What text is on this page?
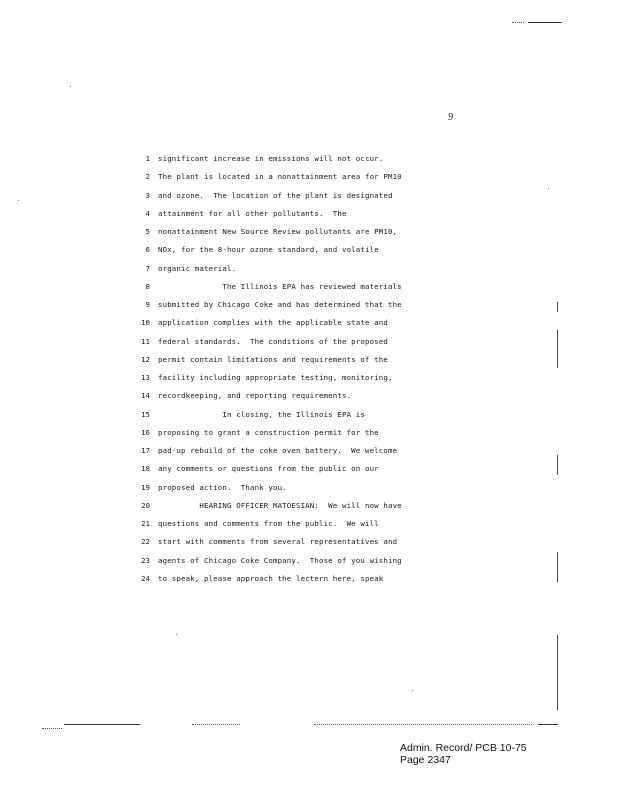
9
1 significant increase in emissions will not occur.
2 The plant is located in a nonattainment area for PM10
3 and ozone.  The location of the plant is designated
4 attainment for all other pollutants.  The
5 nonattainment New Source Review pollutants are PM10,
6 NOx, for the 8-hour ozone standard, and volatile
7 organic material.
8 The Illinois EPA has reviewed materials
9 submitted by Chicago Coke and has determined that the
10 application complies with the applicable state and
11 federal standards.  The conditions of the proposed
12 permit contain limitations and requirements of the
13 facility including appropriate testing, monitoring,
14 recordkeeping, and reporting requirements.
15 In closing, the Illinois EPA is
16 proposing to grant a construction permit for the
17 pad-up rebuild of the coke oven battery.  We welcome
18 any comments or questions from the public on our
19 proposed action.  Thank you.
20 HEARING OFFICER MATOESIAN:  We will now have
21 questions and comments from the public.  We will
22 start with comments from several representatives and
23 agents of Chicago Coke Company.  Those of you wishing
24 to speak, please approach the lectern here, speak
Admin. Record/ PCB 10-75
Page 2347
